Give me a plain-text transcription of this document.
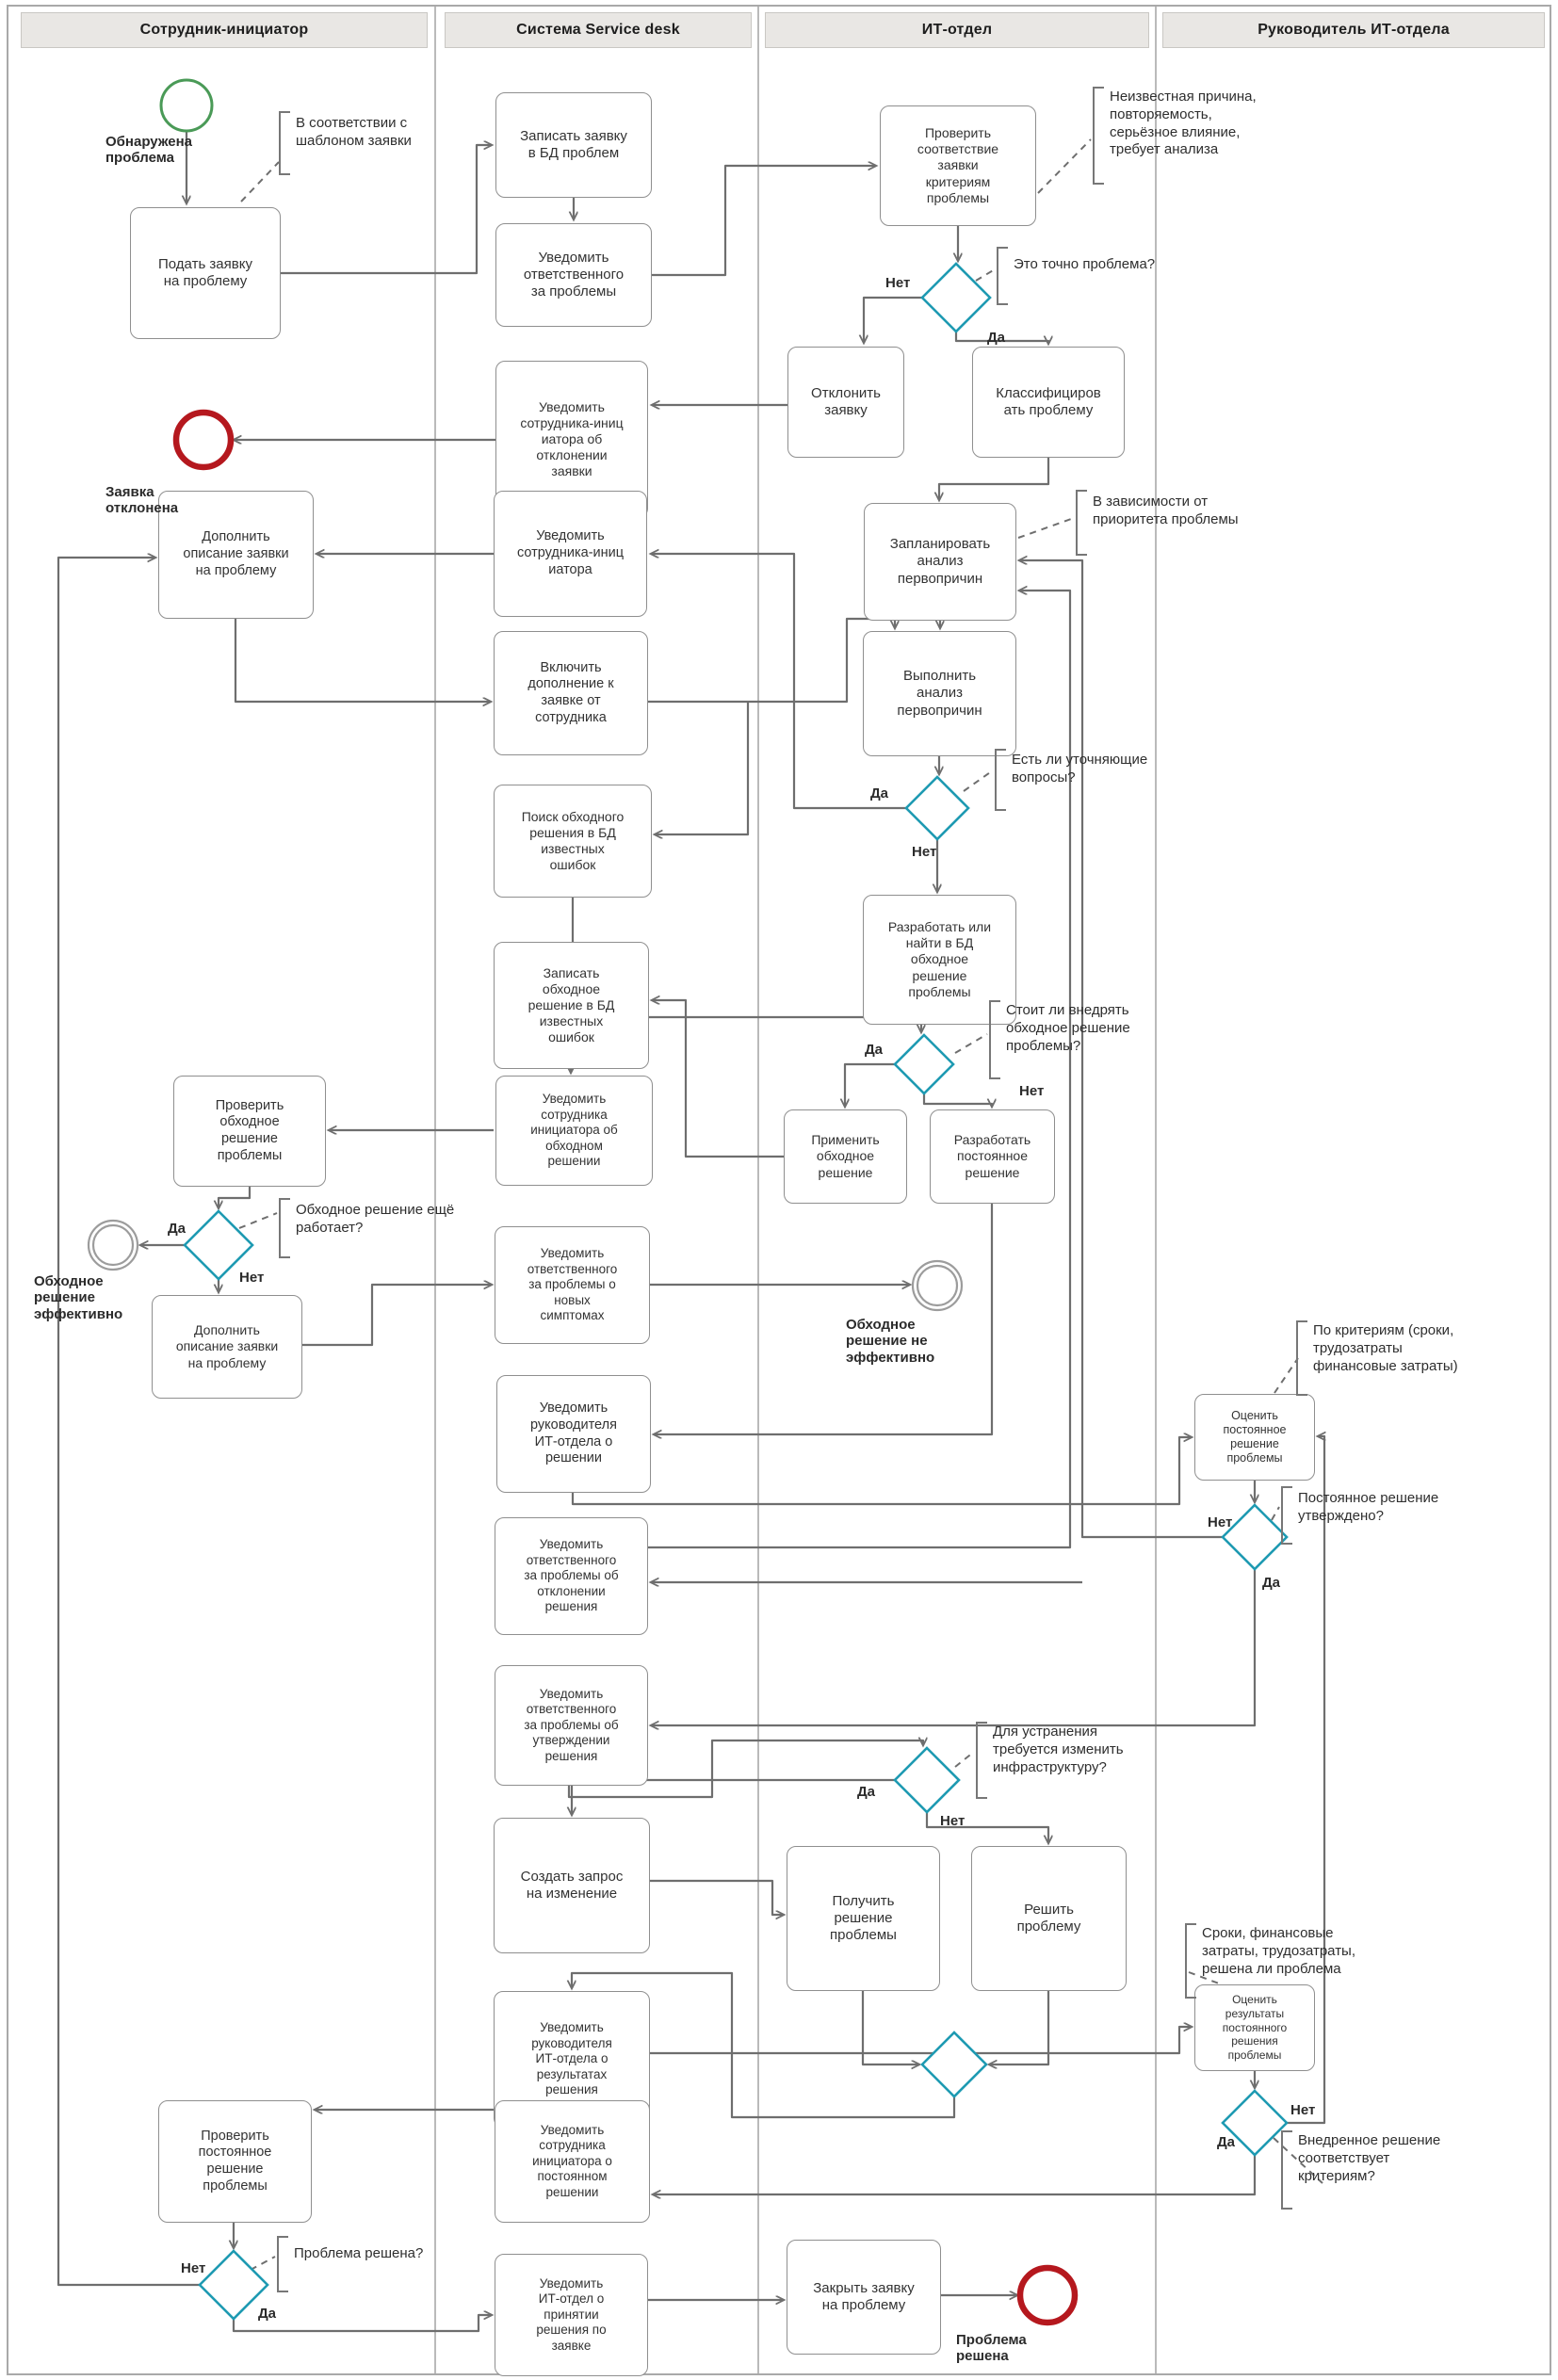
Сотрудник-инициатор	Система Service desk	ИТ-отдел	Руководитель ИТ-отдела
Подать заявку
на проблему
Записать заявку
в БД проблем
Уведомить
ответственного
за проблемы
Проверить
соответствие
заявки
критериям
проблемы
Отклонить
заявку
Классифициров
ать проблему
Уведомить
сотрудника-иниц
иатора об
отклонении
заявки
Запланировать
анализ
первопричин
Дополнить
описание заявки
на проблему
Уведомить
сотрудника-иниц
иатора
Включить
дополнение к
заявке от
сотрудника
Выполнить
анализ
первопричин
Поиск обходного
решения в БД
известных
ошибок
Разработать или
найти в БД
обходное
решение
проблемы
Записать
обходное
решение в БД
известных
ошибок
Уведомить
сотрудника
инициатора об
обходном
решении
Проверить
обходное
решение
проблемы
Применить
обходное
решение
Разработать
постоянное
решение
Уведомить
ответственного
за проблемы о
новых
симптомах
Дополнить
описание заявки
на проблему
Уведомить
руководителя
ИТ-отдела о
решении
Оценить
постоянное
решение
проблемы
Уведомить
ответственного
за проблемы об
отклонении
решения
Уведомить
ответственного
за проблемы об
утверждении
решения
Создать запрос
на изменение	Получить
решение
проблемы
Решить
проблему
Уведомить
руководителя
ИТ-отдела о
результатах
решения
Оценить
результаты
постоянного
решения
проблемы
Проверить
постоянное
решение
проблемы
Уведомить
сотрудника
инициатора о
постоянном
решении
Уведомить
ИТ-отдел о
принятии
решения по
заявке
Закрыть заявку
на проблему
Обнаружена
проблема
Заявка
отклонена
Обходное
решение
эффективно
Обходное
решение не
эффективно
Проблема
решена
Нет
Да
Да
Нет
Да
Нет
Да
Нет
Нет
Да
Да
Нет
Нет
Да
Нет
Да
В соответствии с
шаблоном заявки
Неизвестная причина,
повторяемость,
серьёзное влияние,
требует анализа
Это точно проблема?
В зависимости от
приоритета проблемы
Есть ли уточняющие
вопросы?
Стоит ли внедрять
обходное решение
проблемы?
Обходное решение ещё
работает?
По критериям (сроки,
трудозатраты
финансовые затраты)
Постоянное решение
утверждено?
Для устранения
требуется изменить
инфраструктуру?
Сроки, финансовые
затраты, трудозатраты,
решена ли проблема
Внедренное решение
соответствует
критериям?
Проблема решена?
